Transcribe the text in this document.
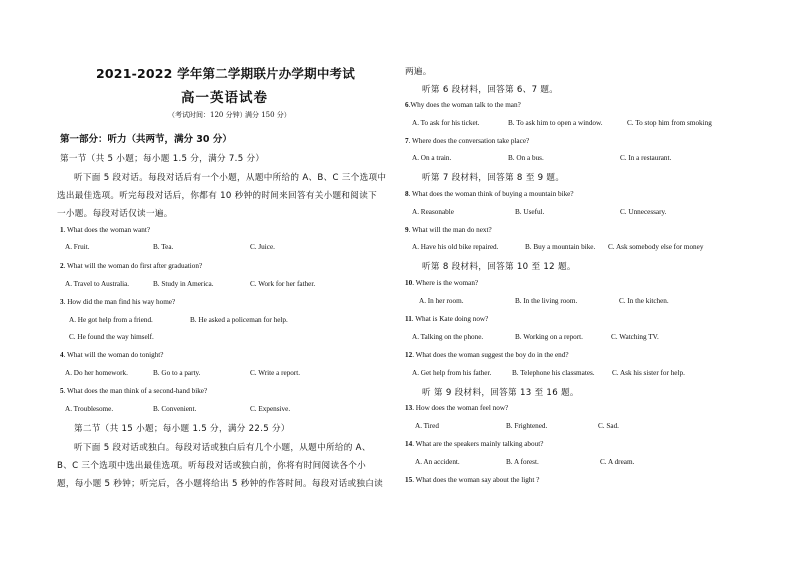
2021-2022 学年第二学期联片办学期中考试
高一英语试卷
（考试时间：120 分钟）
满分 150 分）
第一部分：听力（共两节，满分 30 分）
第一节（共 5 小题；每小题 1.5 分，满分 7.5 分）
听下面 5 段对话。每段对话后有一个小题，从题中所给的 A、B、C 三个选项中
选出最佳选项。听完每段对话后，你都有 10 秒钟的时间来回答有关小题和阅读下
一小题。每段对话仅读一遍。
1. What does the woman want?
A. Fruit.	B. Tea.	C. Juice.
2. What will the woman do first after graduation?
A. Travel to Australia.	B. Study in America.	C. Work for her father.
3. How did the man find his way home?
A. He got help from a friend.	B. He asked a policeman for help.
C. He found the way himself.
4. What will the woman do tonight?
A. Do her homework.	B. Go to a party.	C. Write a report.
5. What does the man think of a second-hand bike?
A. Troublesome.	B. Convenient.	C. Expensive.
第二节（共 15 小题；每小题 1.5 分，满分 22.5 分）
听下面 5 段对话或独白。每段对话或独白后有几个小题，从题中所给的 A、
B、C 三个选项中选出最佳选项。听每段对话或独白前，你将有时间阅读各个小
题，每小题 5 秒钟；听完后，各小题将给出 5 秒钟的作答时间。每段对话或独白读
两遍。
听第 6 段材料，回答第 6、7 题。
6.Why does the woman talk to the man?
A. To ask for his ticket.	B. To ask him to open a window.	C. To stop him from smoking
7. Where does the conversation take place?
A. On a train.	B. On a bus.	C. In a restaurant.
听第 7 段材料，回答第 8 至 9 题。
8. What does the woman think of buying a mountain bike?
A. Reasonable	B. Useful.	C. Unnecessary.
9. What will the man do next?
A. Have his old bike repaired.	B. Buy a mountain bike. C. Ask somebody else for money
听第 8 段材料，回答第 10 至 12 题。
10. Where is the woman?
A. In her room.	B. In the living room.	C. In the kitchen.
11. What is Kate doing now?
A. Talking on the phone.	B. Working on a report.	C. Watching TV.
12. What does the woman suggest the boy do in the end?
A. Get help from his father.	B. Telephone his classmates. C. Ask his sister for help.
听 第 9 段材料，回答第 13 至 16 题。
13. How does the woman feel now?
A. Tired	B. Frightened.	C. Sad.
14. What are the speakers mainly talking about?
A. An accident.	B. A forest.	C. A dream.
15. What does the woman say about the light ?
